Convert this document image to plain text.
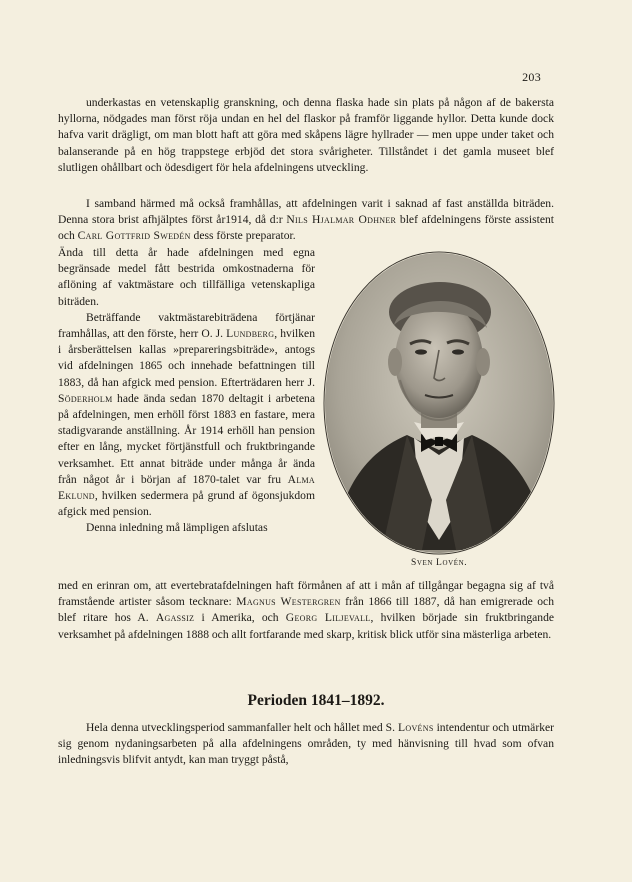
203

underkastas en vetenskaplig granskning, och denna flaska hade sin plats på någon af de bakersta hyllorna, nödgades man först röja undan en hel del flaskor på framför liggande hyllor. Detta kunde dock hafva varit drägligt, om man blott haft att göra med skåpens lägre hyllrader — men uppe under taket och balanserande på en hög trappstege erbjöd det stora svårigheter. Tillståndet i det gamla museet blef slutligen ohållbart och ödesdigert för hela afdelningens utveckling.

I samband härmed må också framhållas, att afdelningen varit i saknad af fast anställda biträden. Denna stora brist afhjälptes först år1914, då d:r Nils Hjalmar Odhner blef afdelningens förste assistent och Carl Gottfrid Swedén dess förste preparator.

Ända till detta år hade afdelningen med egna begränsade medel fått bestrida omkostnaderna för aflöning af vaktmästare och tillfälliga vetenskapliga biträden.

Beträffande vaktmästarebiträdena förtjänar framhållas, att den förste, herr O. J. Lundberg, hvilken i årsberättelsen kallas »prepareringsbiträde», antogs vid afdelningen 1865 och innehade befattningen till 1883, då han afgick med pension. Efterträdaren herr J. Söderholm hade ända sedan 1870 deltagit i arbetena på afdelningen, men erhöll först 1883 en fastare, mera stadigvarande anställning. År 1914 erhöll han pension efter en lång, mycket förtjänstfull och fruktbringande verksamhet. Ett annat biträde under många år ända från något år i början af 1870-talet var fru Alma Eklund, hvilken sedermera på grund af ögonsjukdom afgick med pension.

Denna inledning må lämpligen afslutas

Sven Lovén.

med en erinran om, att evertebratafdelningen haft förmånen af att i mån af tillgångar begagna sig af två framstående artister såsom tecknare: Magnus Westergren från 1866 till 1887, då han emigrerade och blef ritare hos A. Agassiz i Amerika, och Georg Liljevall, hvilken började sin fruktbringande verksamhet på afdelningen 1888 och allt fortfarande med skarp, kritisk blick utför sina mästerliga arbeten.

Perioden 1841–1892.

Hela denna utvecklingsperiod sammanfaller helt och hållet med S. Lovéns intendentur och utmärker sig genom nydaningsarbeten på alla afdelningens områden, ty med hänvisning till hvad som ofvan inledningsvis blifvit antydt, kan man tryggt påstå,
